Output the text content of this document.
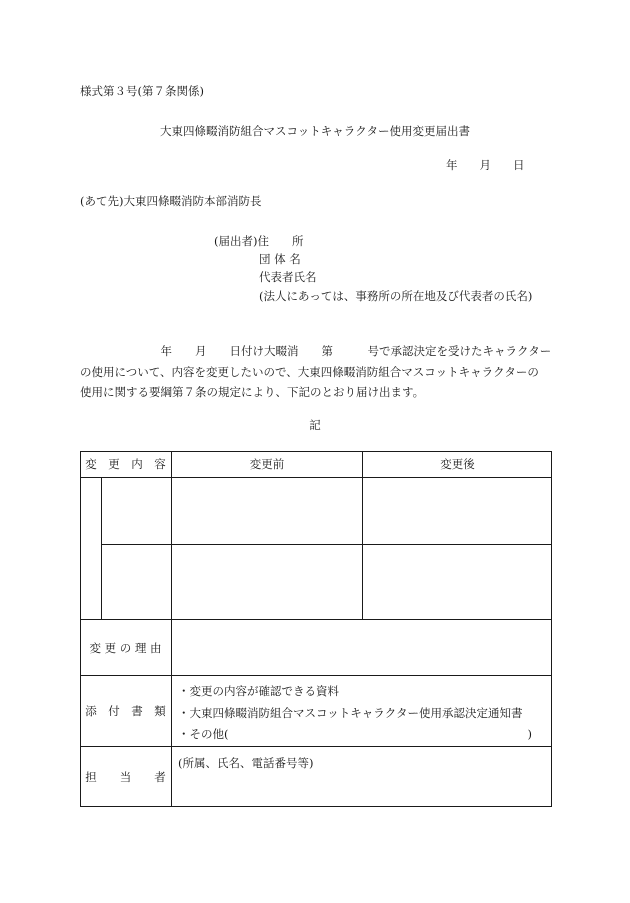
様式第３号(第７条関係)
大東四條畷消防組合マスコットキャラクター使用変更届出書
年 月 日
(あて先)大東四條畷消防本部消防長
(届出者)住　　所
団 体 名
代表者氏名
(法人にあっては、事務所の所在地及び代表者の氏名)

　　　　　　　年　　月　　日付け大畷消　　第　　　号で承認決定を受けたキャラクター

の使用について、内容を変更したいので、大東四條畷消防組合マスコットキャラクターの

使用に関する要綱第７条の規定により、下記のとおり届け出ます。

記
変　更　内　容	変更前	変更後
変 更 の 理 由
添　付　書　類
・変更の内容が確認できる資料
・大東四條畷消防組合マスコットキャラクター使用承認決定通知書
・その他(　　　　　　　　　　　　　　　　　　　　　　　　　　)
担　　当　　者
(所属、氏名、電話番号等)
